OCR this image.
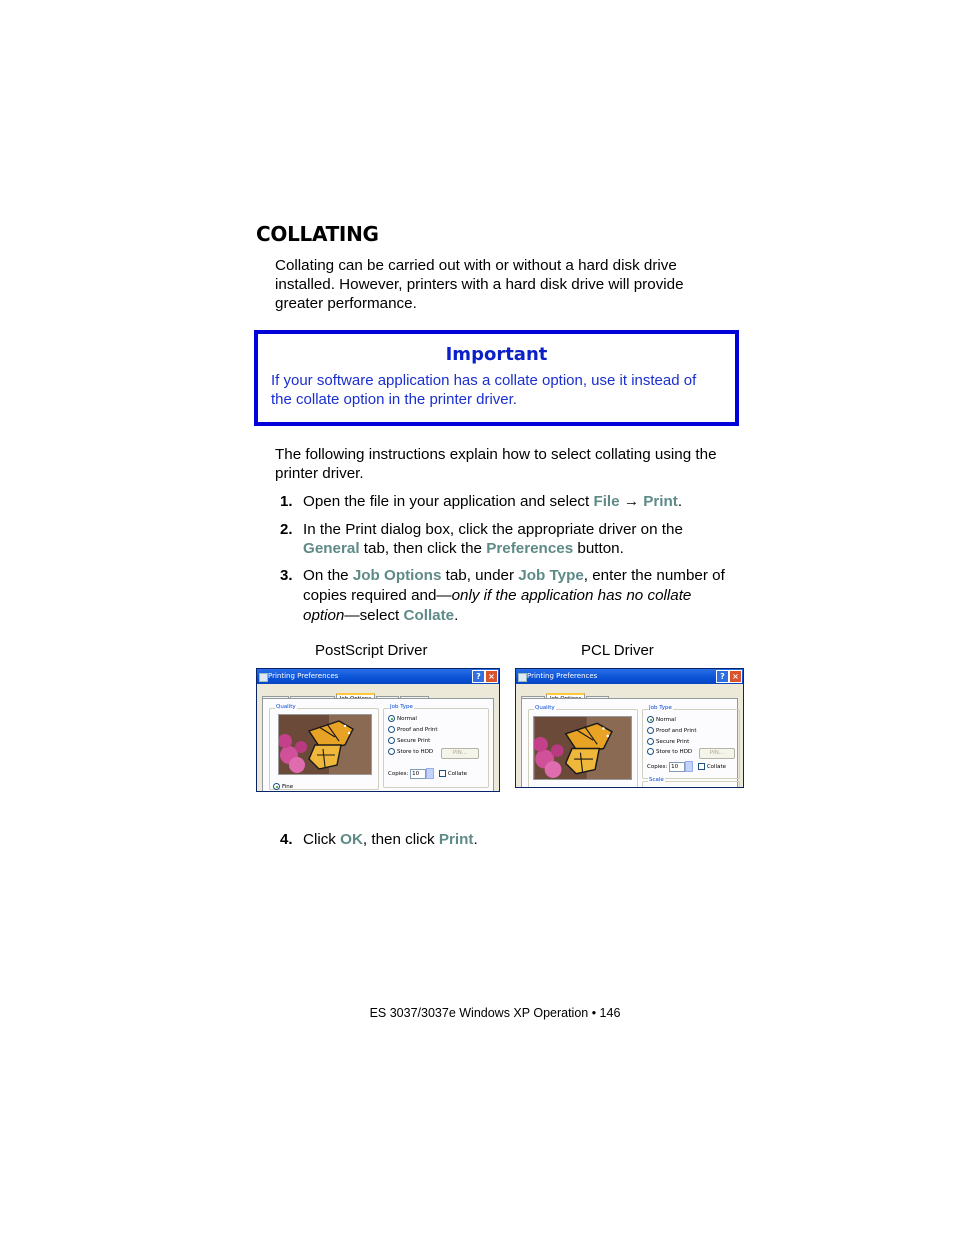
COLLATING
Collating can be carried out with or without a hard disk drive
installed. However, printers with a hard disk drive will provide
greater performance.
Important
If your software application has a collate option, use it instead of
the collate option in the printer driver.
The following instructions explain how to select collating using the
printer driver.
1. Open the file in your application and select File → Print.
2. In the Print dialog box, click the appropriate driver on the
General tab, then click the Preferences button.
3. On the Job Options tab, under Job Type, enter the number of
copies required and—only if the application has no collate
option—select Collate.
PostScript Driver	PCL Driver
Printing Preferences	? ×
Quality
Fine
Job Type
Normal
Proof and Print
Secure Print
Store to HDD	PIN...
Copies: 10	Collate
Printing Preferences	? ×
Quality	Job Type
Normal
Proof and Print
Secure Print
Store to HDD	PIN...
Copies: 10	Collate
Scale
4. Click OK, then click Print.
ES 3037/3037e Windows XP Operation • 146
